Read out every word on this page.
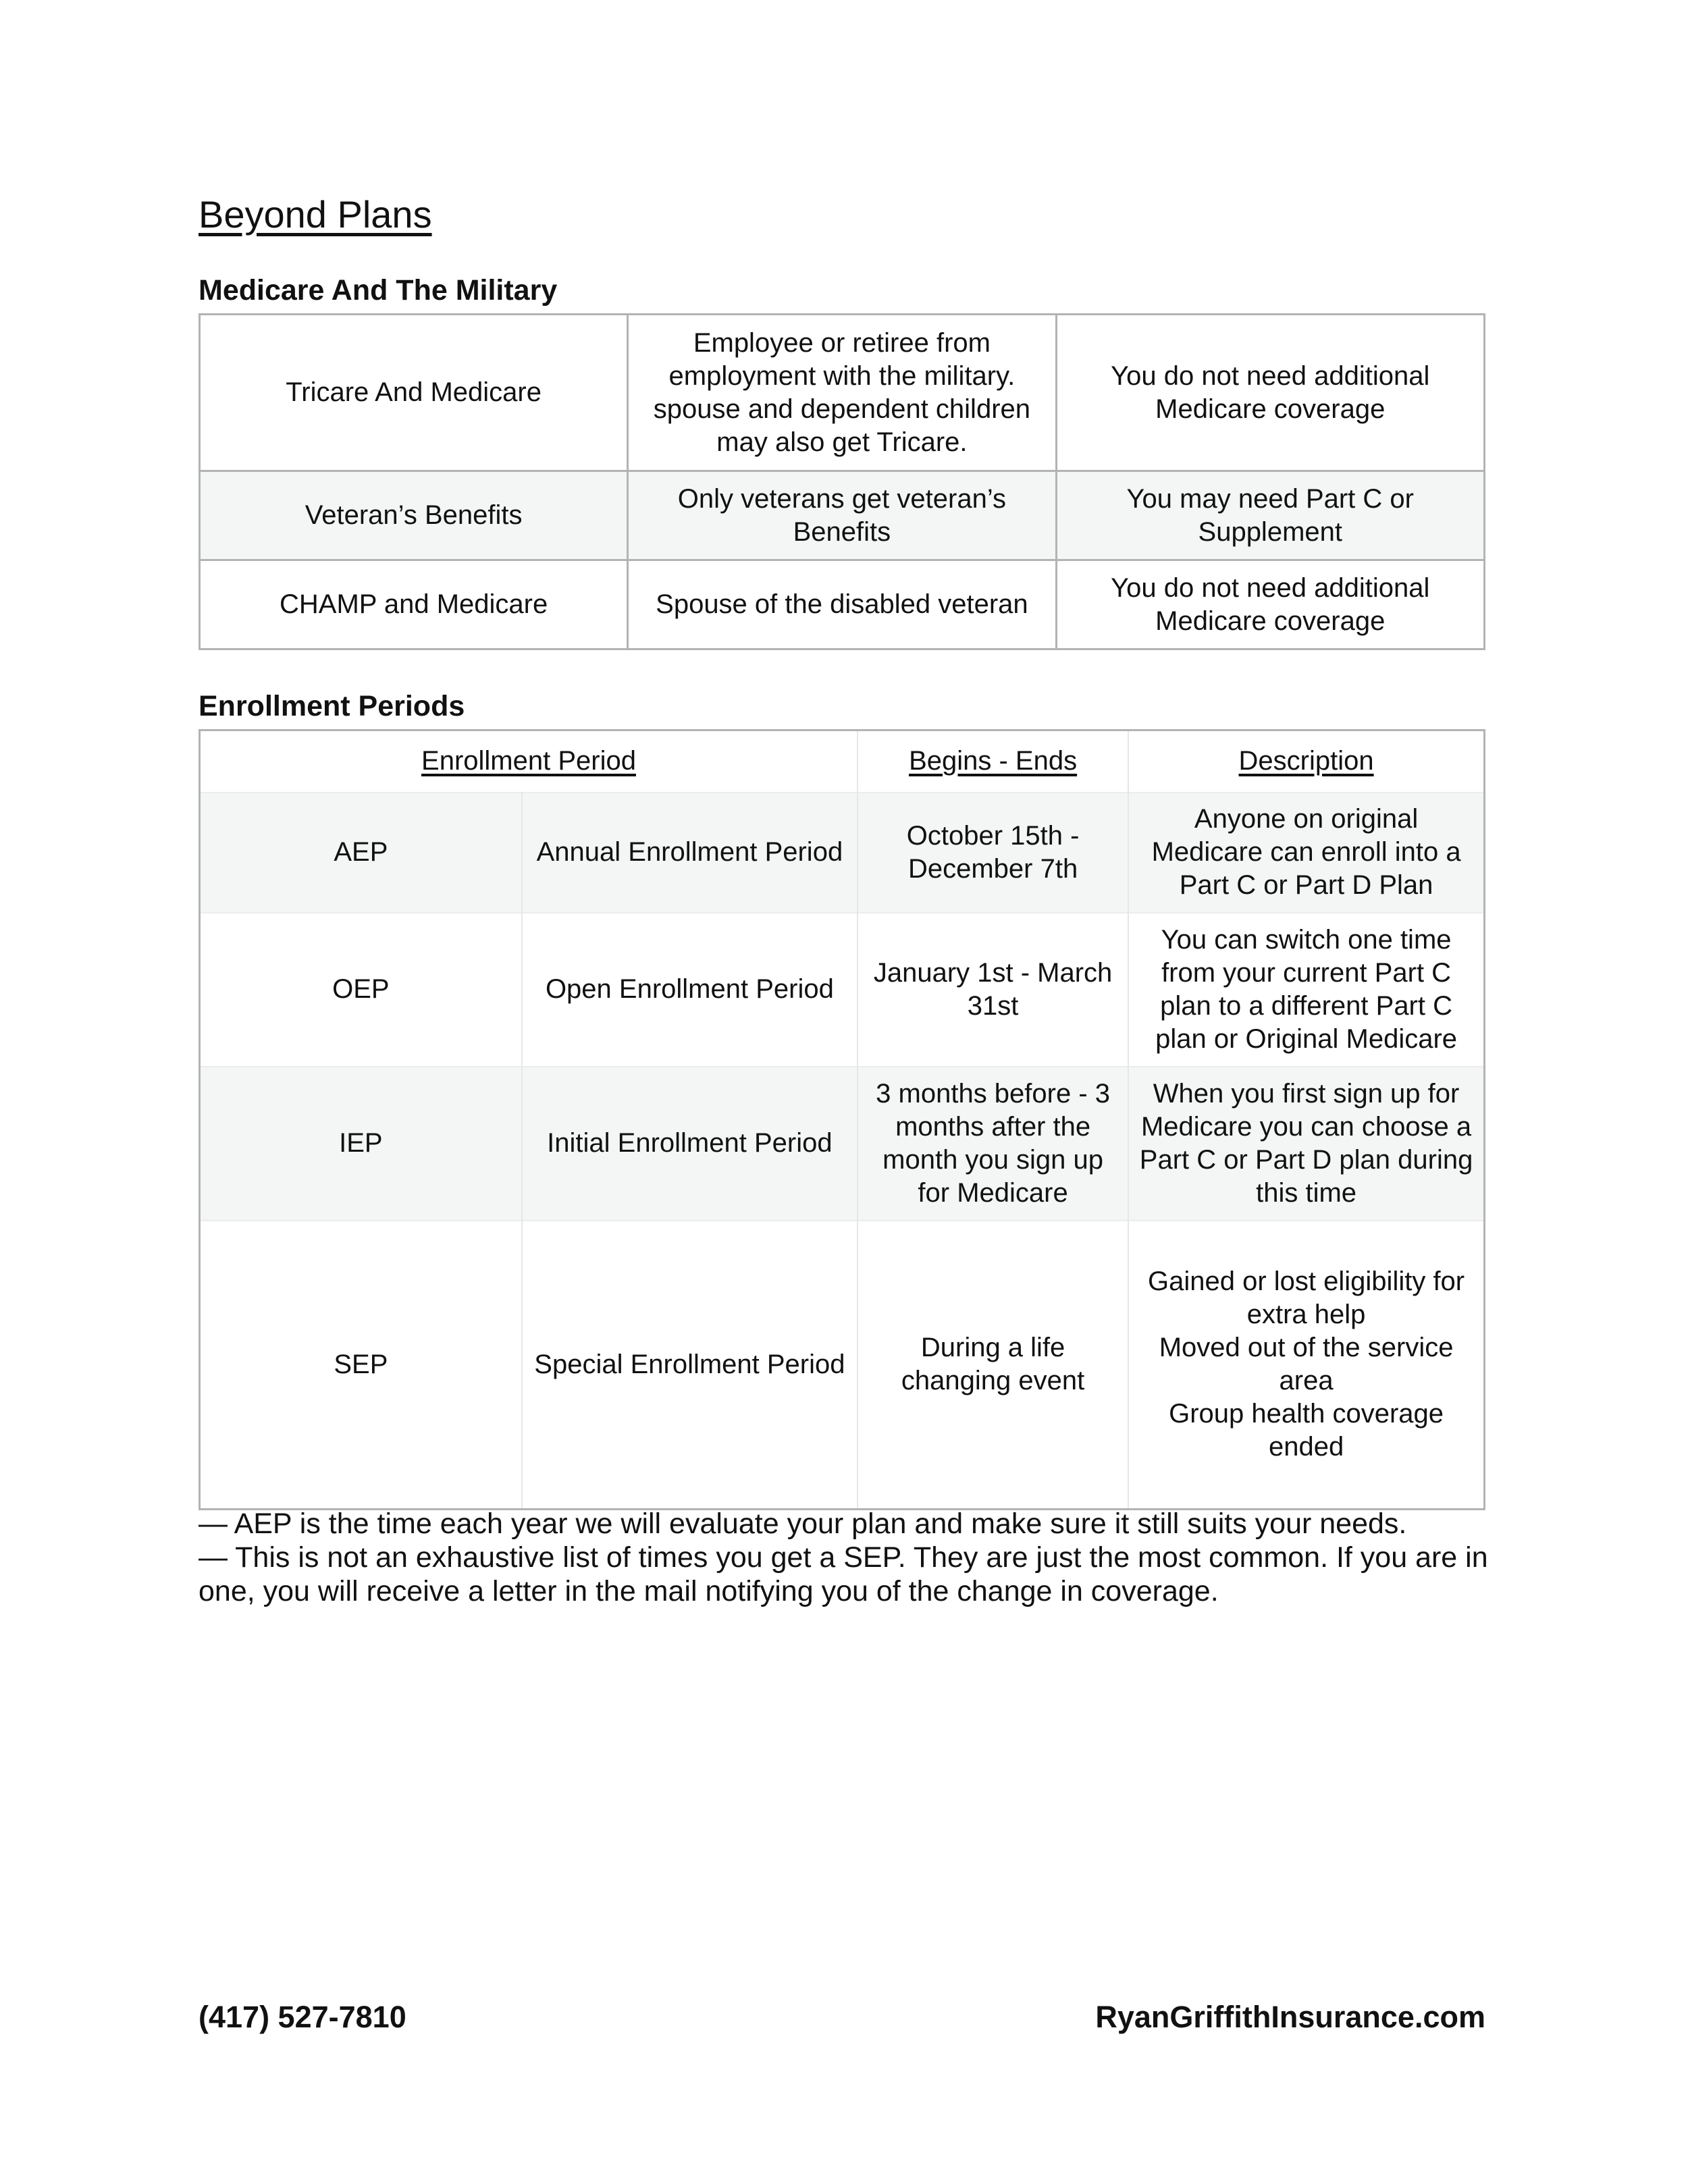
Beyond Plans
Medicare And The Military
Tricare And Medicare	Employee or retiree from employment with the military. spouse and dependent children may also get Tricare.	You do not need additional Medicare coverage
Veteran’s Benefits	Only veterans get veteran’s Benefits	You may need Part C or Supplement
CHAMP and Medicare	Spouse of the disabled veteran	You do not need additional Medicare coverage
Enrollment Periods
Enrollment Period		Begins - Ends	Description
AEP	Annual Enrollment Period	October 15th - December 7th	Anyone on original Medicare can enroll into a Part C or Part D Plan
OEP	Open Enrollment Period	January 1st - March 31st	You can switch one time from your current Part C plan to a different Part C plan or Original Medicare
IEP	Initial Enrollment Period	3 months before - 3 months after the month you sign up for Medicare	When you first sign up for Medicare you can choose a Part C or Part D plan during this time
SEP	Special Enrollment Period	During a life changing event	Gained or lost eligibility for extra help
Moved out of the service area
Group health coverage ended

— AEP is the time each year we will evaluate your plan and make sure it still suits your needs.

— This is not an exhaustive list of times you get a SEP. They are just the most common. If you are in one, you will receive a letter in the mail notifying you of the change in coverage.

(417) 527-7810	RyanGriffithInsurance.com
